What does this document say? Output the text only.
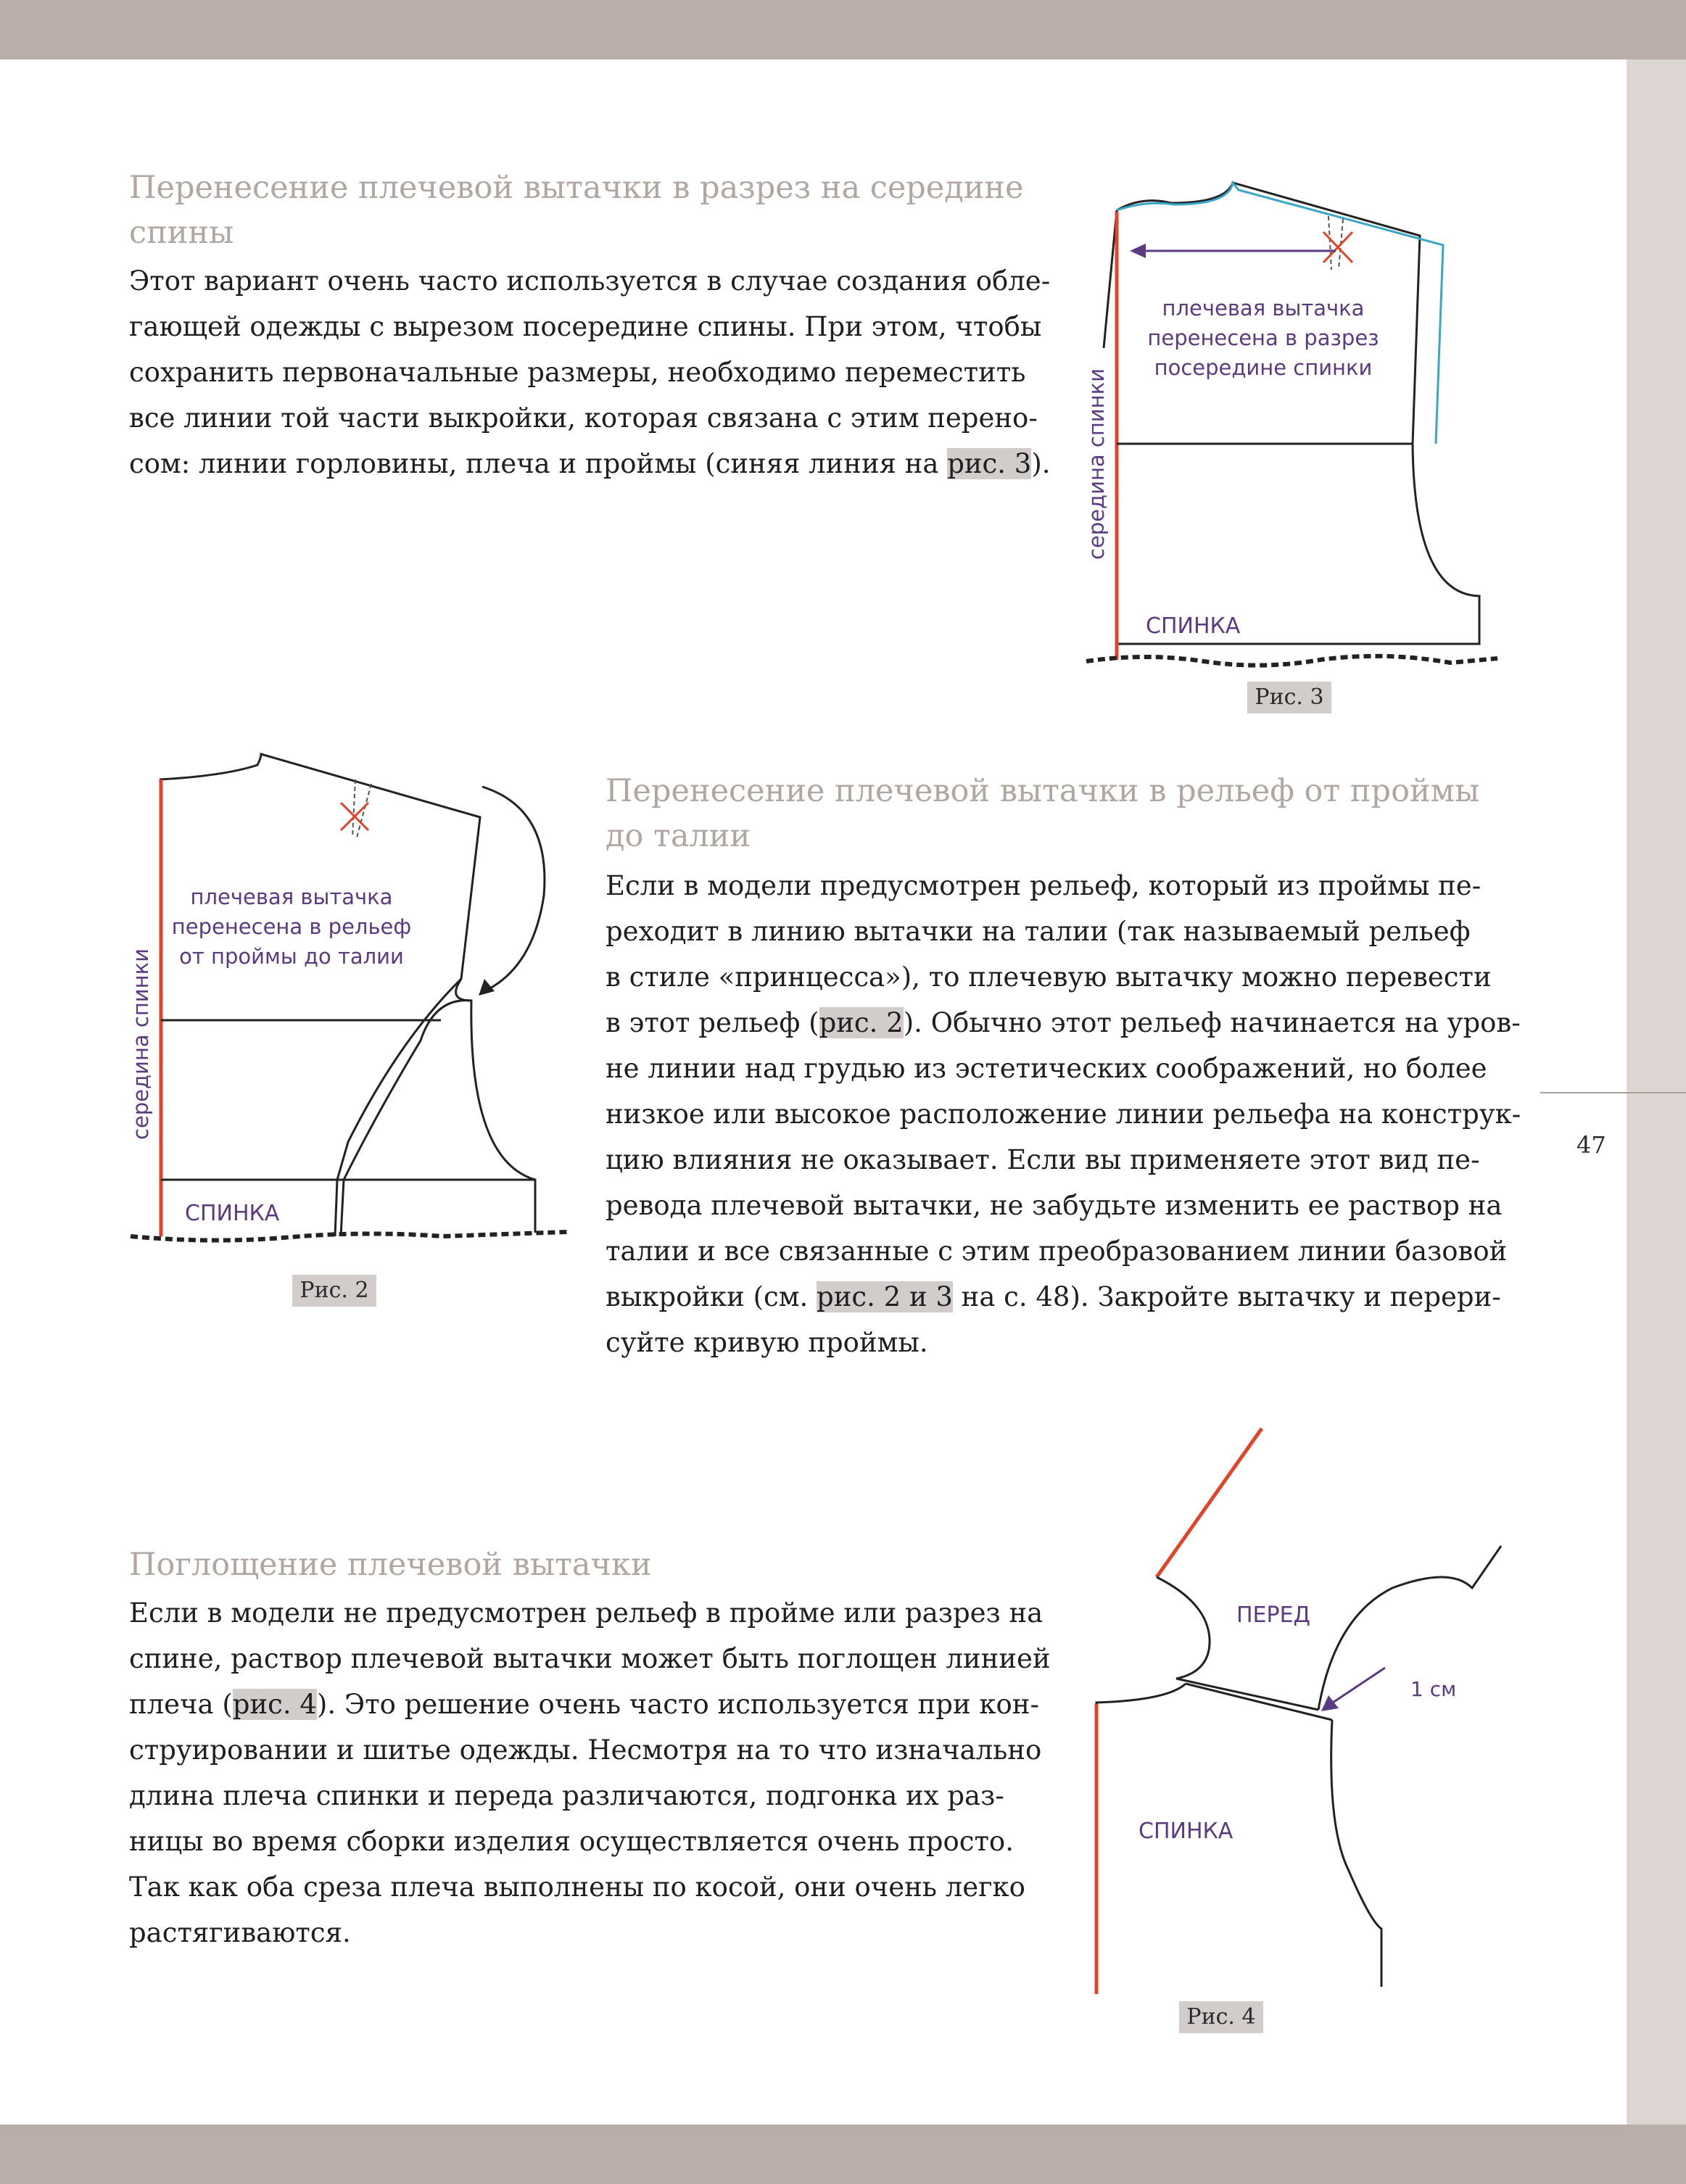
47
Перенесение плечевой вытачки в разрез на середине
спины
Этот вариант очень часто используется в случае создания обле-
гающей одежды с вырезом посередине спины. При этом, чтобы
сохранить первоначальные размеры, необходимо переместить
все линии той части выкройки, которая связана с этим перено-
сом: линии горловины, плеча и проймы (синяя линия на рис. 3).
плечевая вытачка
перенесена в разрез
посередине спинки
середина спинки
СПИНКА
Рис. 3
плечевая вытачка
перенесена в рельеф
от проймы до талии
середина спинки
СПИНКА
Рис. 2
Перенесение плечевой вытачки в рельеф от проймы
до талии
Если в модели предусмотрен рельеф, который из проймы пе-
реходит в линию вытачки на талии (так называемый рельеф
в стиле «принцесса»), то плечевую вытачку можно перевести
в этот рельеф (рис. 2). Обычно этот рельеф начинается на уров-
не линии над грудью из эстетических соображений, но более
низкое или высокое расположение линии рельефа на конструк-
цию влияния не оказывает. Если вы применяете этот вид пе-
ревода плечевой вытачки, не забудьте изменить ее раствор на
талии и все связанные с этим преобразованием линии базовой
выкройки (см. рис. 2 и 3 на с. 48). Закройте вытачку и перери-
суйте кривую проймы.
Поглощение плечевой вытачки
Если в модели не предусмотрен рельеф в пройме или разрез на
спине, раствор плечевой вытачки может быть поглощен линией
плеча (рис. 4). Это решение очень часто используется при кон-
струировании и шитье одежды. Несмотря на то что изначально
длина плеча спинки и переда различаются, подгонка их раз-
ницы во время сборки изделия осуществляется очень просто.
Так как оба среза плеча выполнены по косой, они очень легко
растягиваются.
ПЕРЕД
1 см
СПИНКА
Рис. 4
